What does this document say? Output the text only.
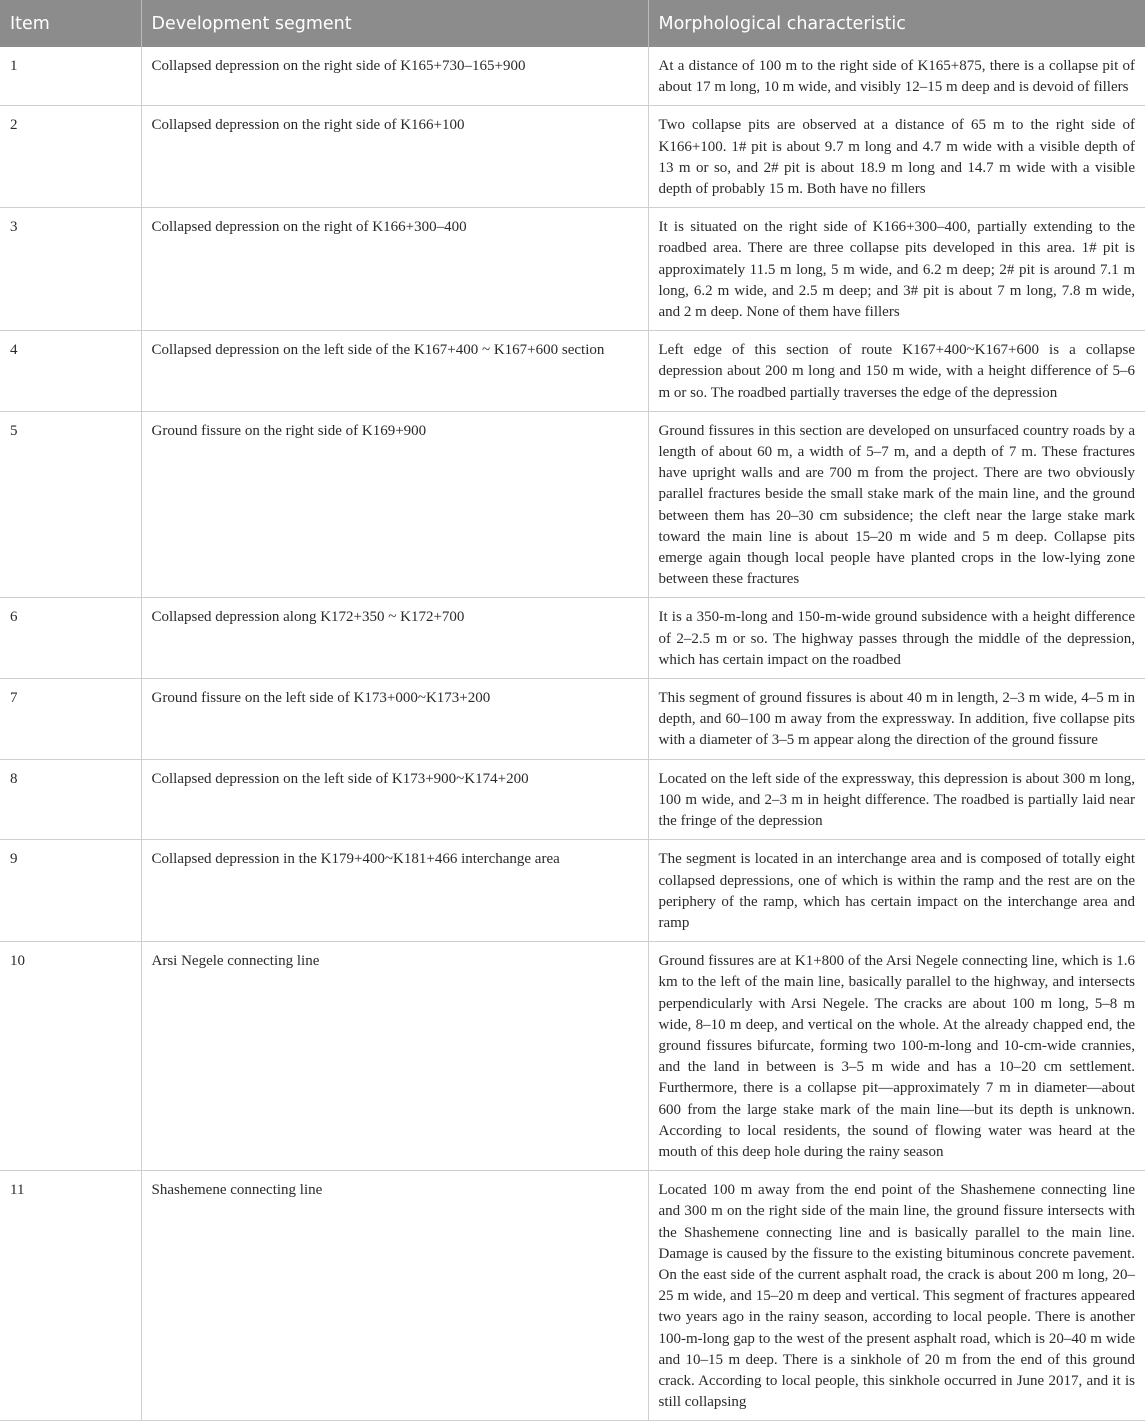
Item	Development segment	Morphological characteristic
1	Collapsed depression on the right side of K165+730–165+900	At a distance of 100 m to the right side of K165+875, there is a collapse pit of about 17 m long, 10 m wide, and visibly 12–15 m deep and is devoid of fillers
2	Collapsed depression on the right side of K166+100	Two collapse pits are observed at a distance of 65 m to the right side of K166+100. 1# pit is about 9.7 m long and 4.7 m wide with a visible depth of 13 m or so, and 2# pit is about 18.9 m long and 14.7 m wide with a visible depth of probably 15 m. Both have no fillers
3	Collapsed depression on the right of K166+300–400	It is situated on the right side of K166+300–400, partially extending to the roadbed area. There are three collapse pits developed in this area. 1# pit is approximately 11.5 m long, 5 m wide, and 6.2 m deep; 2# pit is around 7.1 m long, 6.2 m wide, and 2.5 m deep; and 3# pit is about 7 m long, 7.8 m wide, and 2 m deep. None of them have fillers
4	Collapsed depression on the left side of the K167+400 ~ K167+600 section	Left edge of this section of route K167+400~K167+600 is a collapse depression about 200 m long and 150 m wide, with a height difference of 5–6 m or so. The roadbed partially traverses the edge of the depression
5	Ground fissure on the right side of K169+900	Ground fissures in this section are developed on unsurfaced country roads by a length of about 60 m, a width of 5–7 m, and a depth of 7 m. These fractures have upright walls and are 700 m from the project. There are two obviously parallel fractures beside the small stake mark of the main line, and the ground between them has 20–30 cm subsidence; the cleft near the large stake mark toward the main line is about 15–20 m wide and 5 m deep. Collapse pits emerge again though local people have planted crops in the low-lying zone between these fractures
6	Collapsed depression along K172+350 ~ K172+700	It is a 350-m-long and 150-m-wide ground subsidence with a height difference of 2–2.5 m or so. The highway passes through the middle of the depression, which has certain impact on the roadbed
7	Ground fissure on the left side of K173+000~K173+200	This segment of ground fissures is about 40 m in length, 2–3 m wide, 4–5 m in depth, and 60–100 m away from the expressway. In addition, five collapse pits with a diameter of 3–5 m appear along the direction of the ground fissure
8	Collapsed depression on the left side of K173+900~K174+200	Located on the left side of the expressway, this depression is about 300 m long, 100 m wide, and 2–3 m in height difference. The roadbed is partially laid near the fringe of the depression
9	Collapsed depression in the K179+400~K181+466 interchange area	The segment is located in an interchange area and is composed of totally eight collapsed depressions, one of which is within the ramp and the rest are on the periphery of the ramp, which has certain impact on the interchange area and ramp
10	Arsi Negele connecting line	Ground fissures are at K1+800 of the Arsi Negele connecting line, which is 1.6 km to the left of the main line, basically parallel to the highway, and intersects perpendicularly with Arsi Negele. The cracks are about 100 m long, 5–8 m wide, 8–10 m deep, and vertical on the whole. At the already chapped end, the ground fissures bifurcate, forming two 100-m-long and 10-cm-wide crannies, and the land in between is 3–5 m wide and has a 10–20 cm settlement. Furthermore, there is a collapse pit—approximately 7 m in diameter—about 600 from the large stake mark of the main line—but its depth is unknown. According to local residents, the sound of flowing water was heard at the mouth of this deep hole during the rainy season
11	Shashemene connecting line	Located 100 m away from the end point of the Shashemene connecting line and 300 m on the right side of the main line, the ground fissure intersects with the Shashemene connecting line and is basically parallel to the main line. Damage is caused by the fissure to the existing bituminous concrete pavement. On the east side of the current asphalt road, the crack is about 200 m long, 20–25 m wide, and 15–20 m deep and vertical. This segment of fractures appeared two years ago in the rainy season, according to local people. There is another 100-m-long gap to the west of the present asphalt road, which is 20–40 m wide and 10–15 m deep. There is a sinkhole of 20 m from the end of this ground crack. According to local people, this sinkhole occurred in June 2017, and it is still collapsing
